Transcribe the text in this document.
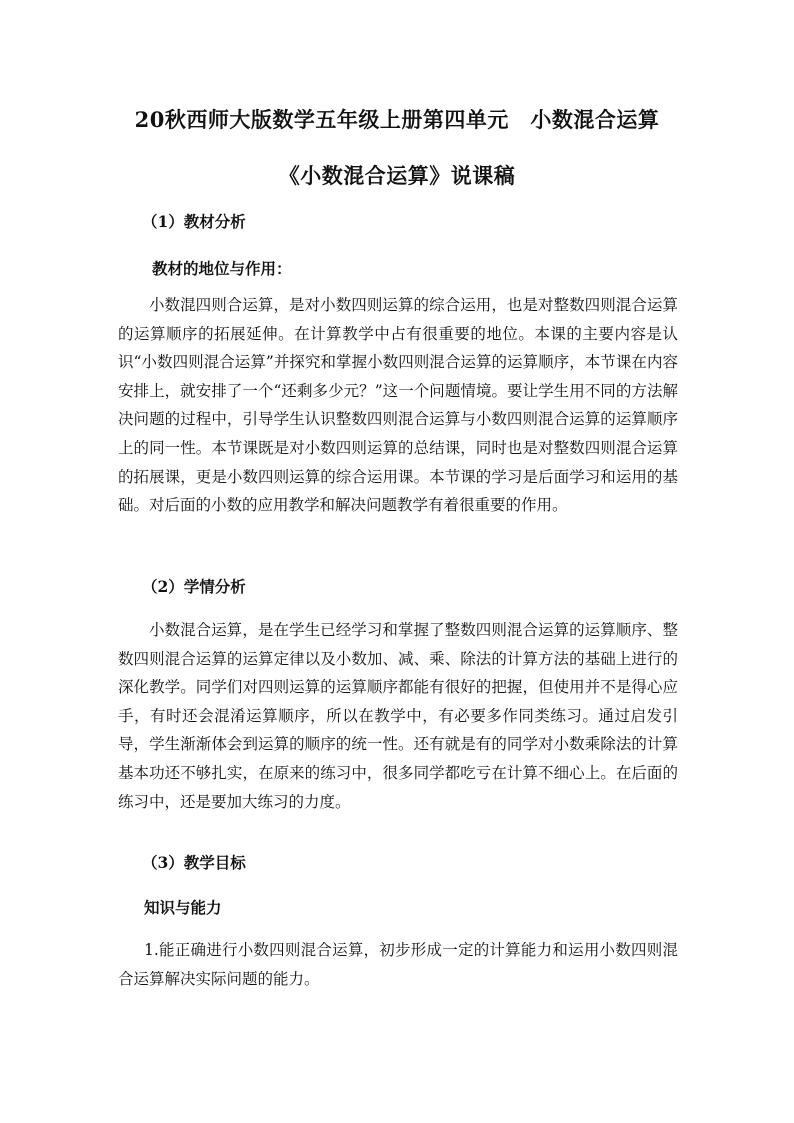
20秋西师大版数学五年级上册第四单元　小数混合运算
《小数混合运算》说课稿
（1）教材分析
教材的地位与作用：

小数混四则合运算，是对小数四则运算的综合运用，也是对整数四则混合运算的运算顺序的拓展延伸。在计算教学中占有很重要的地位。本课的主要内容是认识“小数四则混合运算”并探究和掌握小数四则混合运算的运算顺序，本节课在内容安排上，就安排了一个“还剩多少元？”这一个问题情境。要让学生用不同的方法解决问题的过程中，引导学生认识整数四则混合运算与小数四则混合运算的运算顺序上的同一性。本节课既是对小数四则运算的总结课，同时也是对整数四则混合运算的拓展课，更是小数四则运算的综合运用课。本节课的学习是后面学习和运用的基础。对后面的小数的应用教学和解决问题教学有着很重要的作用。

（2）学情分析

小数混合运算，是在学生已经学习和掌握了整数四则混合运算的运算顺序、整数四则混合运算的运算定律以及小数加、减、乘、除法的计算方法的基础上进行的深化教学。同学们对四则运算的运算顺序都能有很好的把握，但使用并不是得心应手，有时还会混淆运算顺序，所以在教学中，有必要多作同类练习。通过启发引导，学生渐渐体会到运算的顺序的统一性。还有就是有的同学对小数乘除法的计算基本功还不够扎实，在原来的练习中，很多同学都吃亏在计算不细心上。在后面的练习中，还是要加大练习的力度。

（3）教学目标
知识与能力

1.能正确进行小数四则混合运算，初步形成一定的计算能力和运用小数四则混合运算解决实际问题的能力。
